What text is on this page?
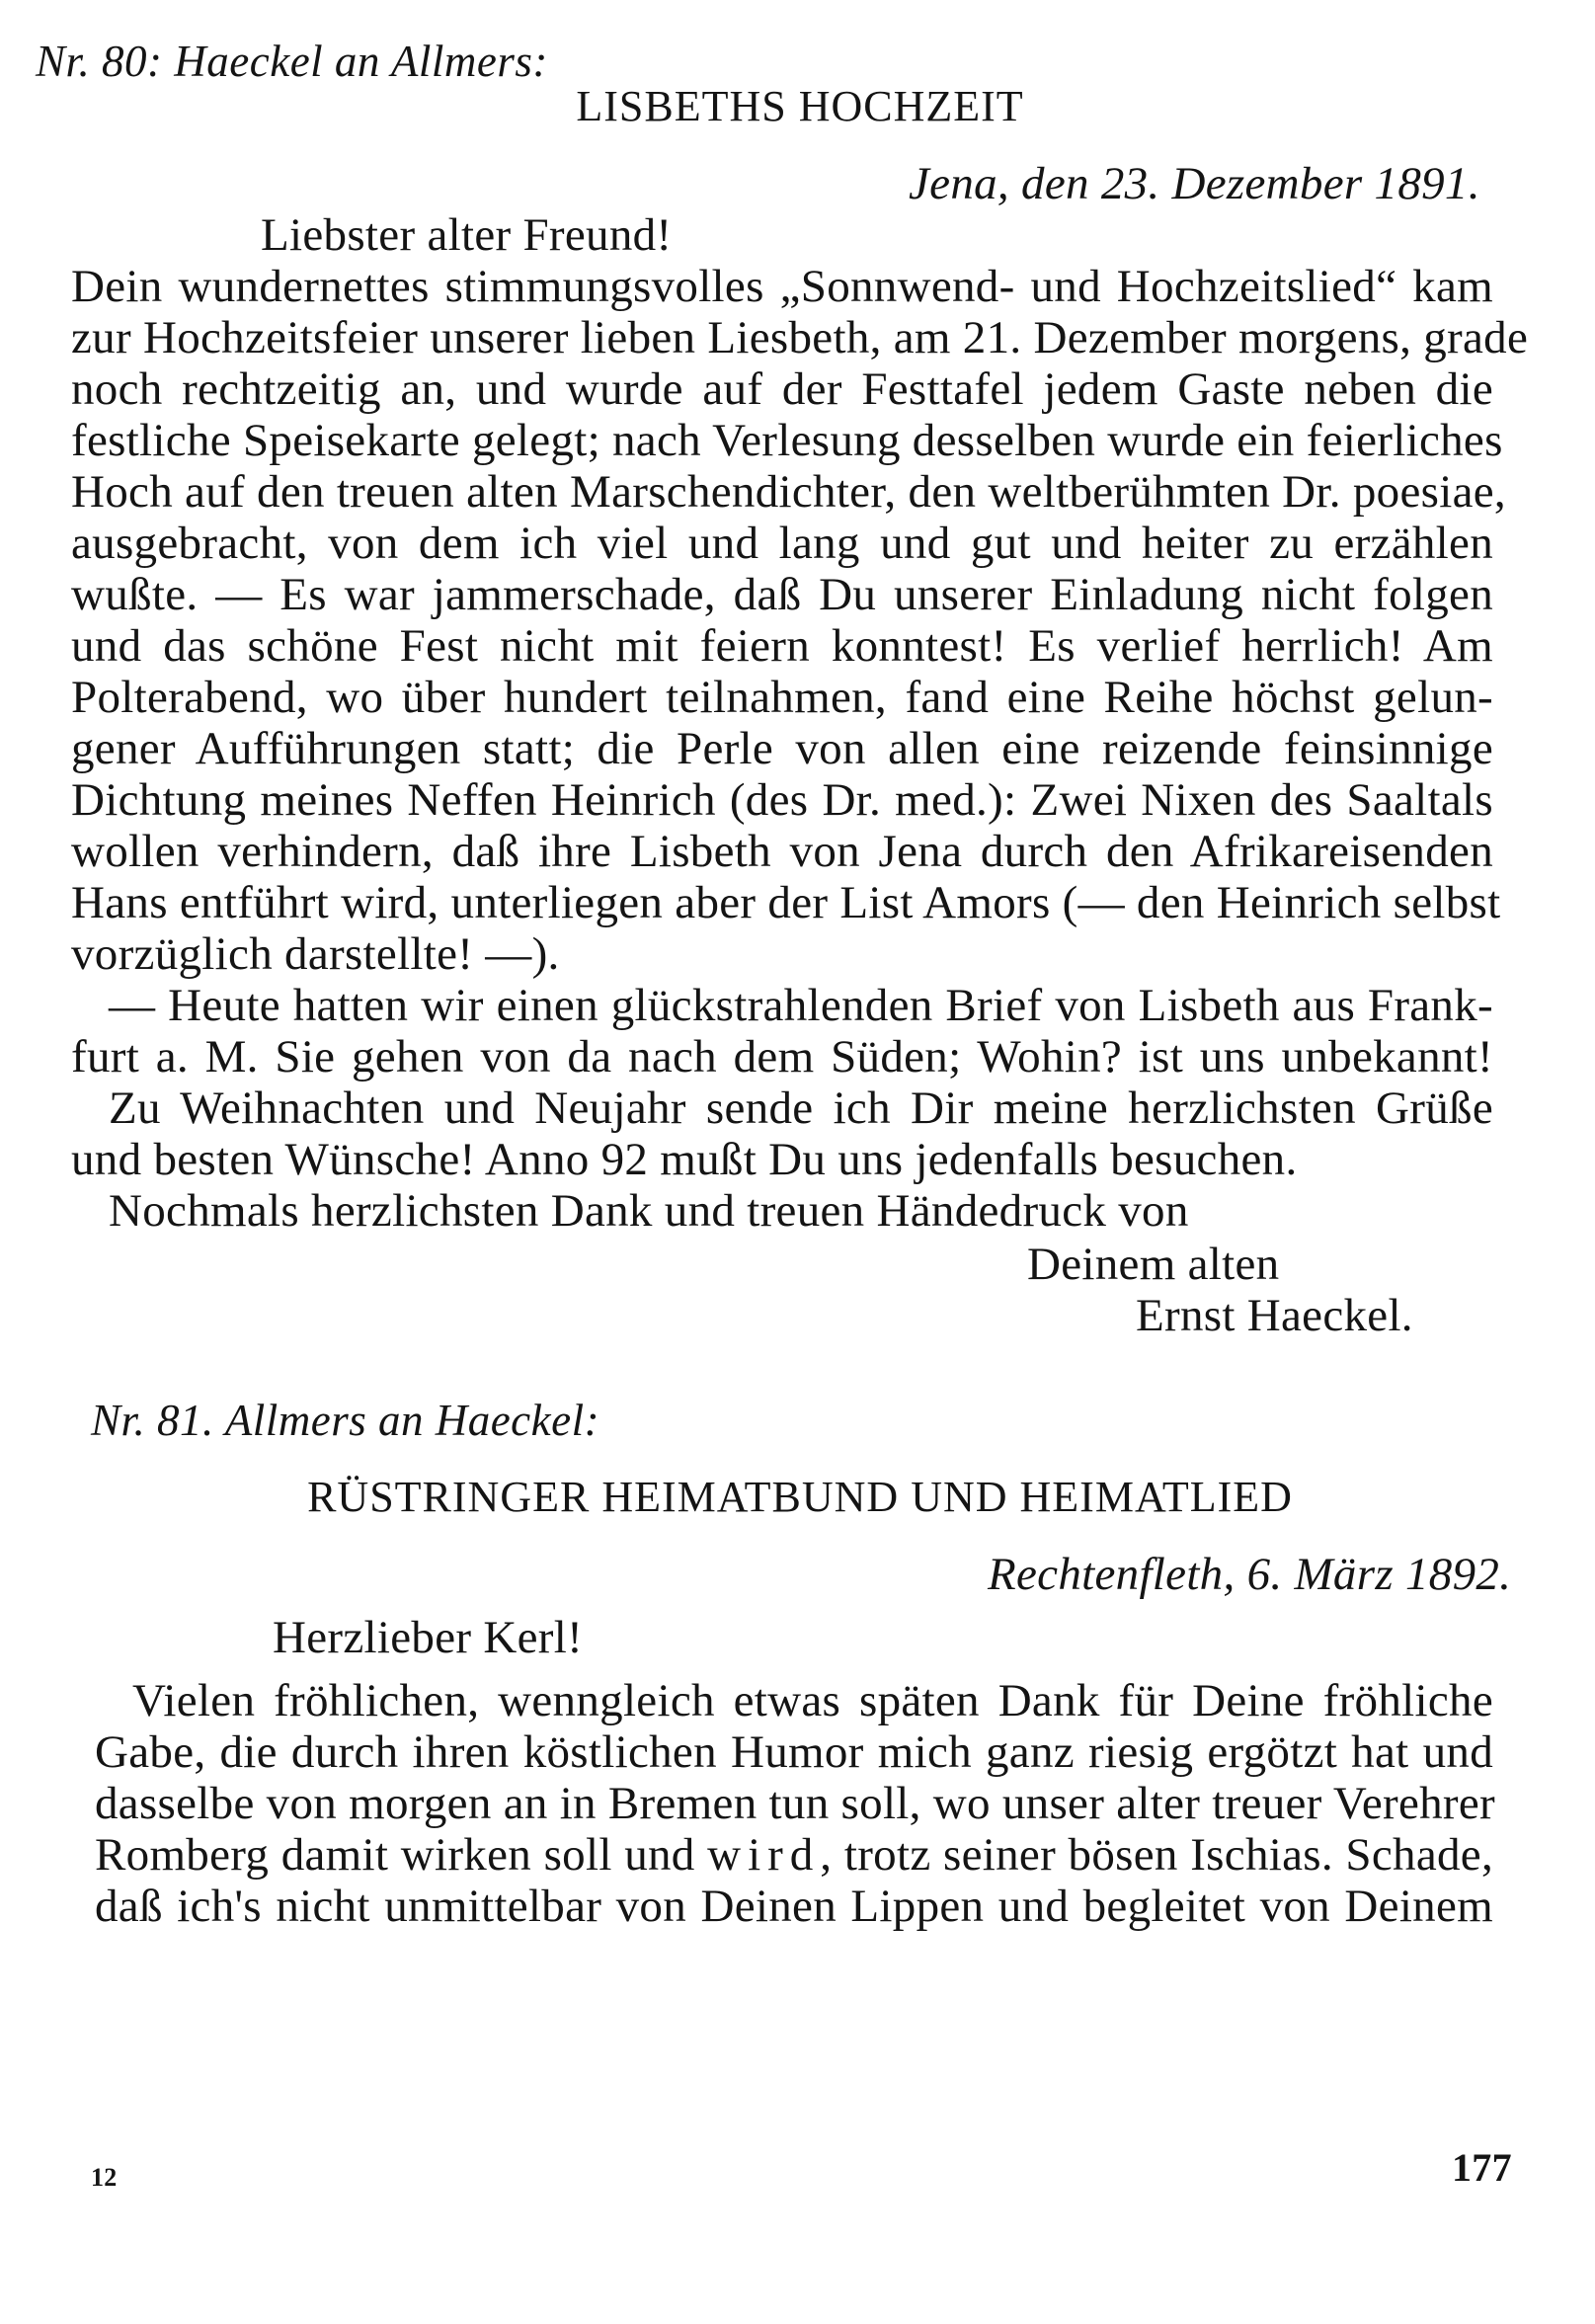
Nr. 80: Haeckel an Allmers:
LISBETHS HOCHZEIT
Jena, den 23. Dezember 1891.
Liebster alter Freund!
Dein wundernettes stimmungsvolles „Sonnwend- und Hochzeitslied“ kam
zur Hochzeitsfeier unserer lieben Liesbeth, am 21. Dezember morgens, grade
noch rechtzeitig an, und wurde auf der Festtafel jedem Gaste neben die
festliche Speisekarte gelegt; nach Verlesung desselben wurde ein feierliches
Hoch auf den treuen alten Marschendichter, den weltberühmten Dr. poesiae,
ausgebracht, von dem ich viel und lang und gut und heiter zu erzählen
wußte. — Es war jammerschade, daß Du unserer Einladung nicht folgen
und das schöne Fest nicht mit feiern konntest! Es verlief herrlich! Am
Polterabend, wo über hundert teilnahmen, fand eine Reihe höchst gelun-
gener Aufführungen statt; die Perle von allen eine reizende feinsinnige
Dichtung meines Neffen Heinrich (des Dr. med.): Zwei Nixen des Saaltals
wollen verhindern, daß ihre Lisbeth von Jena durch den Afrikareisenden
Hans entführt wird, unterliegen aber der List Amors (— den Heinrich selbst
vorzüglich darstellte! —).
— Heute hatten wir einen glückstrahlenden Brief von Lisbeth aus Frank-
furt a. M. Sie gehen von da nach dem Süden; Wohin? ist uns unbekannt!
Zu Weihnachten und Neujahr sende ich Dir meine herzlichsten Grüße
und besten Wünsche! Anno 92 mußt Du uns jedenfalls besuchen.
Nochmals herzlichsten Dank und treuen Händedruck von
Deinem alten
Ernst Haeckel.
Nr. 81. Allmers an Haeckel:
RÜSTRINGER HEIMATBUND UND HEIMATLIED
Rechtenfleth, 6. März 1892.
Herzlieber Kerl!
Vielen fröhlichen, wenngleich etwas späten Dank für Deine fröhliche
Gabe, die durch ihren köstlichen Humor mich ganz riesig ergötzt hat und
dasselbe von morgen an in Bremen tun soll, wo unser alter treuer Verehrer
Romberg damit wirken soll und wird, trotz seiner bösen Ischias. Schade,
daß ich's nicht unmittelbar von Deinen Lippen und begleitet von Deinem
12	177
